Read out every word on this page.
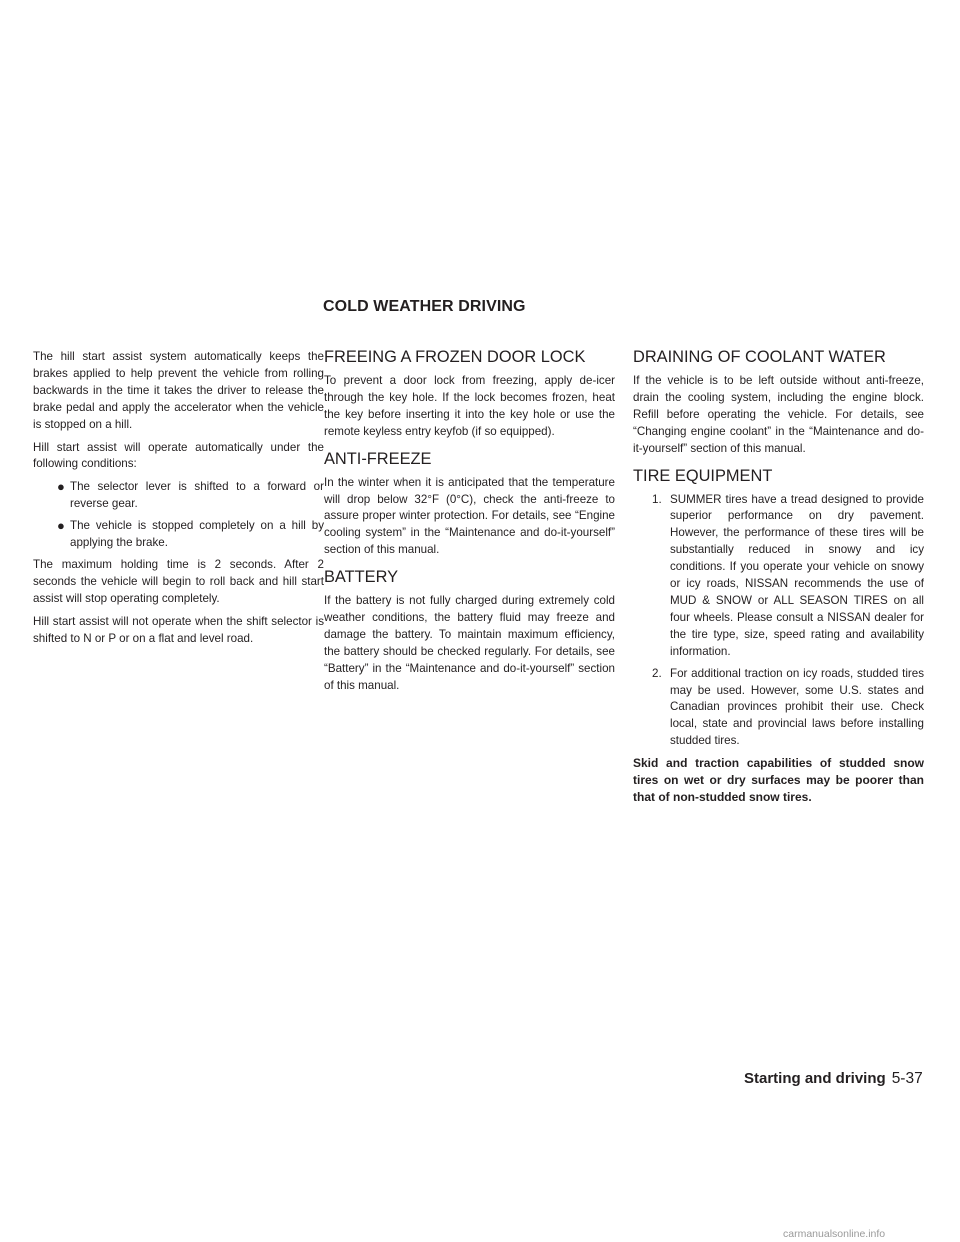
COLD WEATHER DRIVING

The hill start assist system automatically keeps the brakes applied to help prevent the vehicle from rolling backwards in the time it takes the driver to release the brake pedal and apply the accelerator when the vehicle is stopped on a hill.

Hill start assist will operate automatically under the following conditions:

● The selector lever is shifted to a forward or reverse gear.
● The vehicle is stopped completely on a hill by applying the brake.

The maximum holding time is 2 seconds. After 2 seconds the vehicle will begin to roll back and hill start assist will stop operating completely.

Hill start assist will not operate when the shift selector is shifted to N or P or on a flat and level road.

FREEING A FROZEN DOOR LOCK

To prevent a door lock from freezing, apply de-icer through the key hole. If the lock becomes frozen, heat the key before inserting it into the key hole or use the remote keyless entry keyfob (if so equipped).

ANTI-FREEZE

In the winter when it is anticipated that the temperature will drop below 32°F (0°C), check the anti-freeze to assure proper winter protection. For details, see “Engine cooling system” in the “Maintenance and do-it-yourself” section of this manual.

BATTERY

If the battery is not fully charged during extremely cold weather conditions, the battery fluid may freeze and damage the battery. To maintain maximum efficiency, the battery should be checked regularly. For details, see “Battery” in the “Maintenance and do-it-yourself” section of this manual.

DRAINING OF COOLANT WATER

If the vehicle is to be left outside without anti-freeze, drain the cooling system, including the engine block. Refill before operating the vehicle. For details, see “Changing engine coolant” in the “Maintenance and do-it-yourself” section of this manual.

TIRE EQUIPMENT
1. SUMMER tires have a tread designed to provide superior performance on dry pavement. However, the performance of these tires will be substantially reduced in snowy and icy conditions. If you operate your vehicle on snowy or icy roads, NISSAN recommends the use of MUD & SNOW or ALL SEASON TIRES on all four wheels. Please consult a NISSAN dealer for the tire type, size, speed rating and availability information.
2. For additional traction on icy roads, studded tires may be used. However, some U.S. states and Canadian provinces prohibit their use. Check local, state and provincial laws before installing studded tires.

Skid and traction capabilities of studded snow tires on wet or dry surfaces may be poorer than that of non-studded snow tires.

Starting and driving 5-37
carmanualsonline.info
